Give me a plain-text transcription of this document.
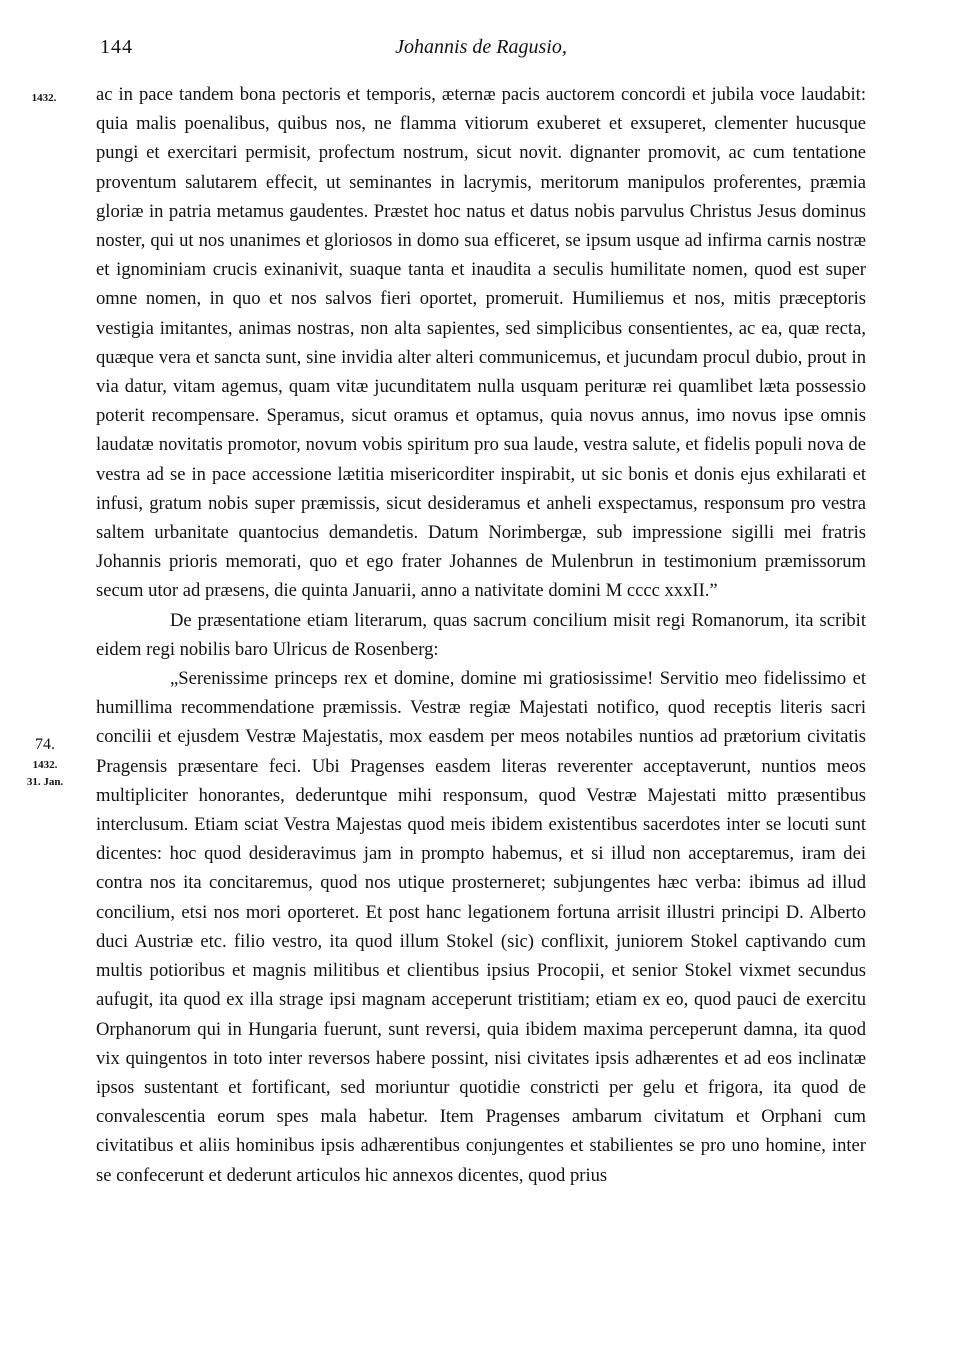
144	Johannis de Ragusio,
1432.
74.
1432.
31. Jan.

ac in pace tandem bona pectoris et temporis, æternæ pacis auctorem concordi et jubila voce laudabit: quia malis poenalibus, quibus nos, ne flamma vitiorum exuberet et exsuperet, clementer hucusque pungi et exercitari permisit, profectum nostrum, sicut novit. dignanter promovit, ac cum tentatione proventum salutarem effecit, ut seminantes in lacrymis, meritorum manipulos proferentes, præmia gloriæ in patria metamus gaudentes. Præstet hoc natus et datus nobis parvulus Christus Jesus dominus noster, qui ut nos unanimes et gloriosos in domo sua efficeret, se ipsum usque ad infirma carnis nostræ et ignominiam crucis exinanivit, suaque tanta et inaudita a seculis humilitate nomen, quod est super omne nomen, in quo et nos salvos fieri oportet, promeruit. Humiliemus et nos, mitis præceptoris vestigia imitantes, animas nostras, non alta sapientes, sed simplicibus consentientes, ac ea, quæ recta, quæque vera et sancta sunt, sine invidia alter alteri communicemus, et jucundam procul dubio, prout in via datur, vitam agemus, quam vitæ jucunditatem nulla usquam perituræ rei quamlibet læta possessio poterit recompensare. Speramus, sicut oramus et optamus, quia novus annus, imo novus ipse omnis laudatæ novitatis promotor, novum vobis spiritum pro sua laude, vestra salute, et fidelis populi nova de vestra ad se in pace accessione lætitia misericorditer inspirabit, ut sic bonis et donis ejus exhilarati et infusi, gratum nobis super præmissis, sicut desideramus et anheli exspectamus, responsum pro vestra saltem urbanitate quantocius demandetis. Datum Norimbergæ, sub impressione sigilli mei fratris Johannis prioris memorati, quo et ego frater Johannes de Mulenbrun in testimonium præmissorum secum utor ad præsens, die quinta Januarii, anno a nativitate domini M cccc xxxII.”

De præsentatione etiam literarum, quas sacrum concilium misit regi Romanorum, ita scribit eidem regi nobilis baro Ulricus de Rosenberg:

„Serenissime princeps rex et domine, domine mi gratiosissime! Servitio meo fidelissimo et humillima recommendatione præmissis. Vestræ regiæ Majestati notifico, quod receptis literis sacri concilii et ejusdem Vestræ Majestatis, mox easdem per meos notabiles nuntios ad prætorium civitatis Pragensis præsentare feci. Ubi Pragenses easdem literas reverenter acceptaverunt, nuntios meos multipliciter honorantes, dederuntque mihi responsum, quod Vestræ Majestati mitto præsentibus interclusum. Etiam sciat Vestra Majestas quod meis ibidem existentibus sacerdotes inter se locuti sunt dicentes: hoc quod desideravimus jam in prompto habemus, et si illud non acceptaremus, iram dei contra nos ita concitaremus, quod nos utique prosterneret; subjungentes hæc verba: ibimus ad illud concilium, etsi nos mori oporteret. Et post hanc legationem fortuna arrisit illustri principi D. Alberto duci Austriæ etc. filio vestro, ita quod illum Stokel (sic) conflixit, juniorem Stokel captivando cum multis potioribus et magnis militibus et clientibus ipsius Procopii, et senior Stokel vixmet secundus aufugit, ita quod ex illa strage ipsi magnam acceperunt tristitiam; etiam ex eo, quod pauci de exercitu Orphanorum qui in Hungaria fuerunt, sunt reversi, quia ibidem maxima perceperunt damna, ita quod vix quingentos in toto inter reversos habere possint, nisi civitates ipsis adhærentes et ad eos inclinatæ ipsos sustentant et fortificant, sed moriuntur quotidie constricti per gelu et frigora, ita quod de convalescentia eorum spes mala habetur. Item Pragenses ambarum civitatum et Orphani cum civitatibus et aliis hominibus ipsis adhærentibus conjungentes et stabilientes se pro uno homine, inter se confecerunt et dederunt articulos hic annexos dicentes, quod prius
